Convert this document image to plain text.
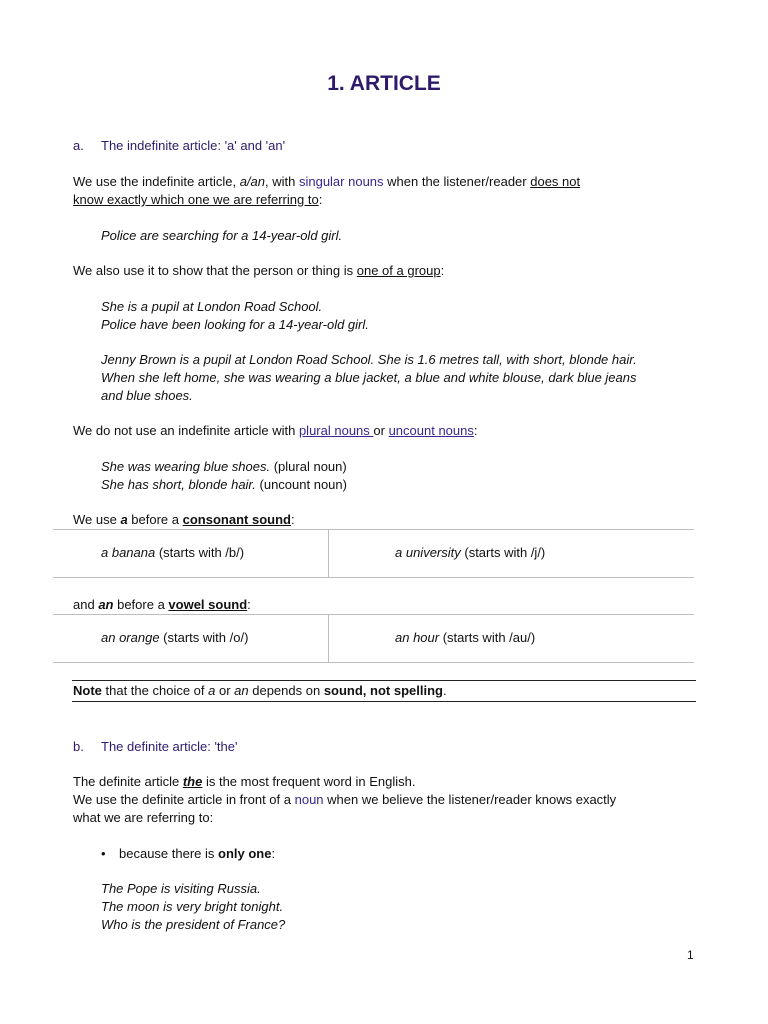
1. ARTICLE
a. The indefinite article: 'a' and 'an'
We use the indefinite article, a/an, with singular nouns when the listener/reader does not
know exactly which one we are referring to:
Police are searching for a 14-year-old girl.
We also use it to show that the person or thing is one of a group:
She is a pupil at London Road School.
Police have been looking for a 14-year-old girl.
Jenny Brown is a pupil at London Road School. She is 1.6 metres tall, with short, blonde hair.
When she left home, she was wearing a blue jacket, a blue and white blouse, dark blue jeans
and blue shoes.
We do not use an indefinite article with plural nouns or uncount nouns:
She was wearing blue shoes. (plural noun)
She has short, blonde hair. (uncount noun)
We use a before a consonant sound:
a banana (starts with /b/)	a university (starts with /j/)
and an before a vowel sound:
an orange (starts with /o/)	an hour (starts with /au/)
Note that the choice of a or an depends on sound, not spelling.
b. The definite article: 'the'
The definite article the is the most frequent word in English.
We use the definite article in front of a noun when we believe the listener/reader knows exactly
what we are referring to:
• because there is only one:
The Pope is visiting Russia.
The moon is very bright tonight.
Who is the president of France?
1
